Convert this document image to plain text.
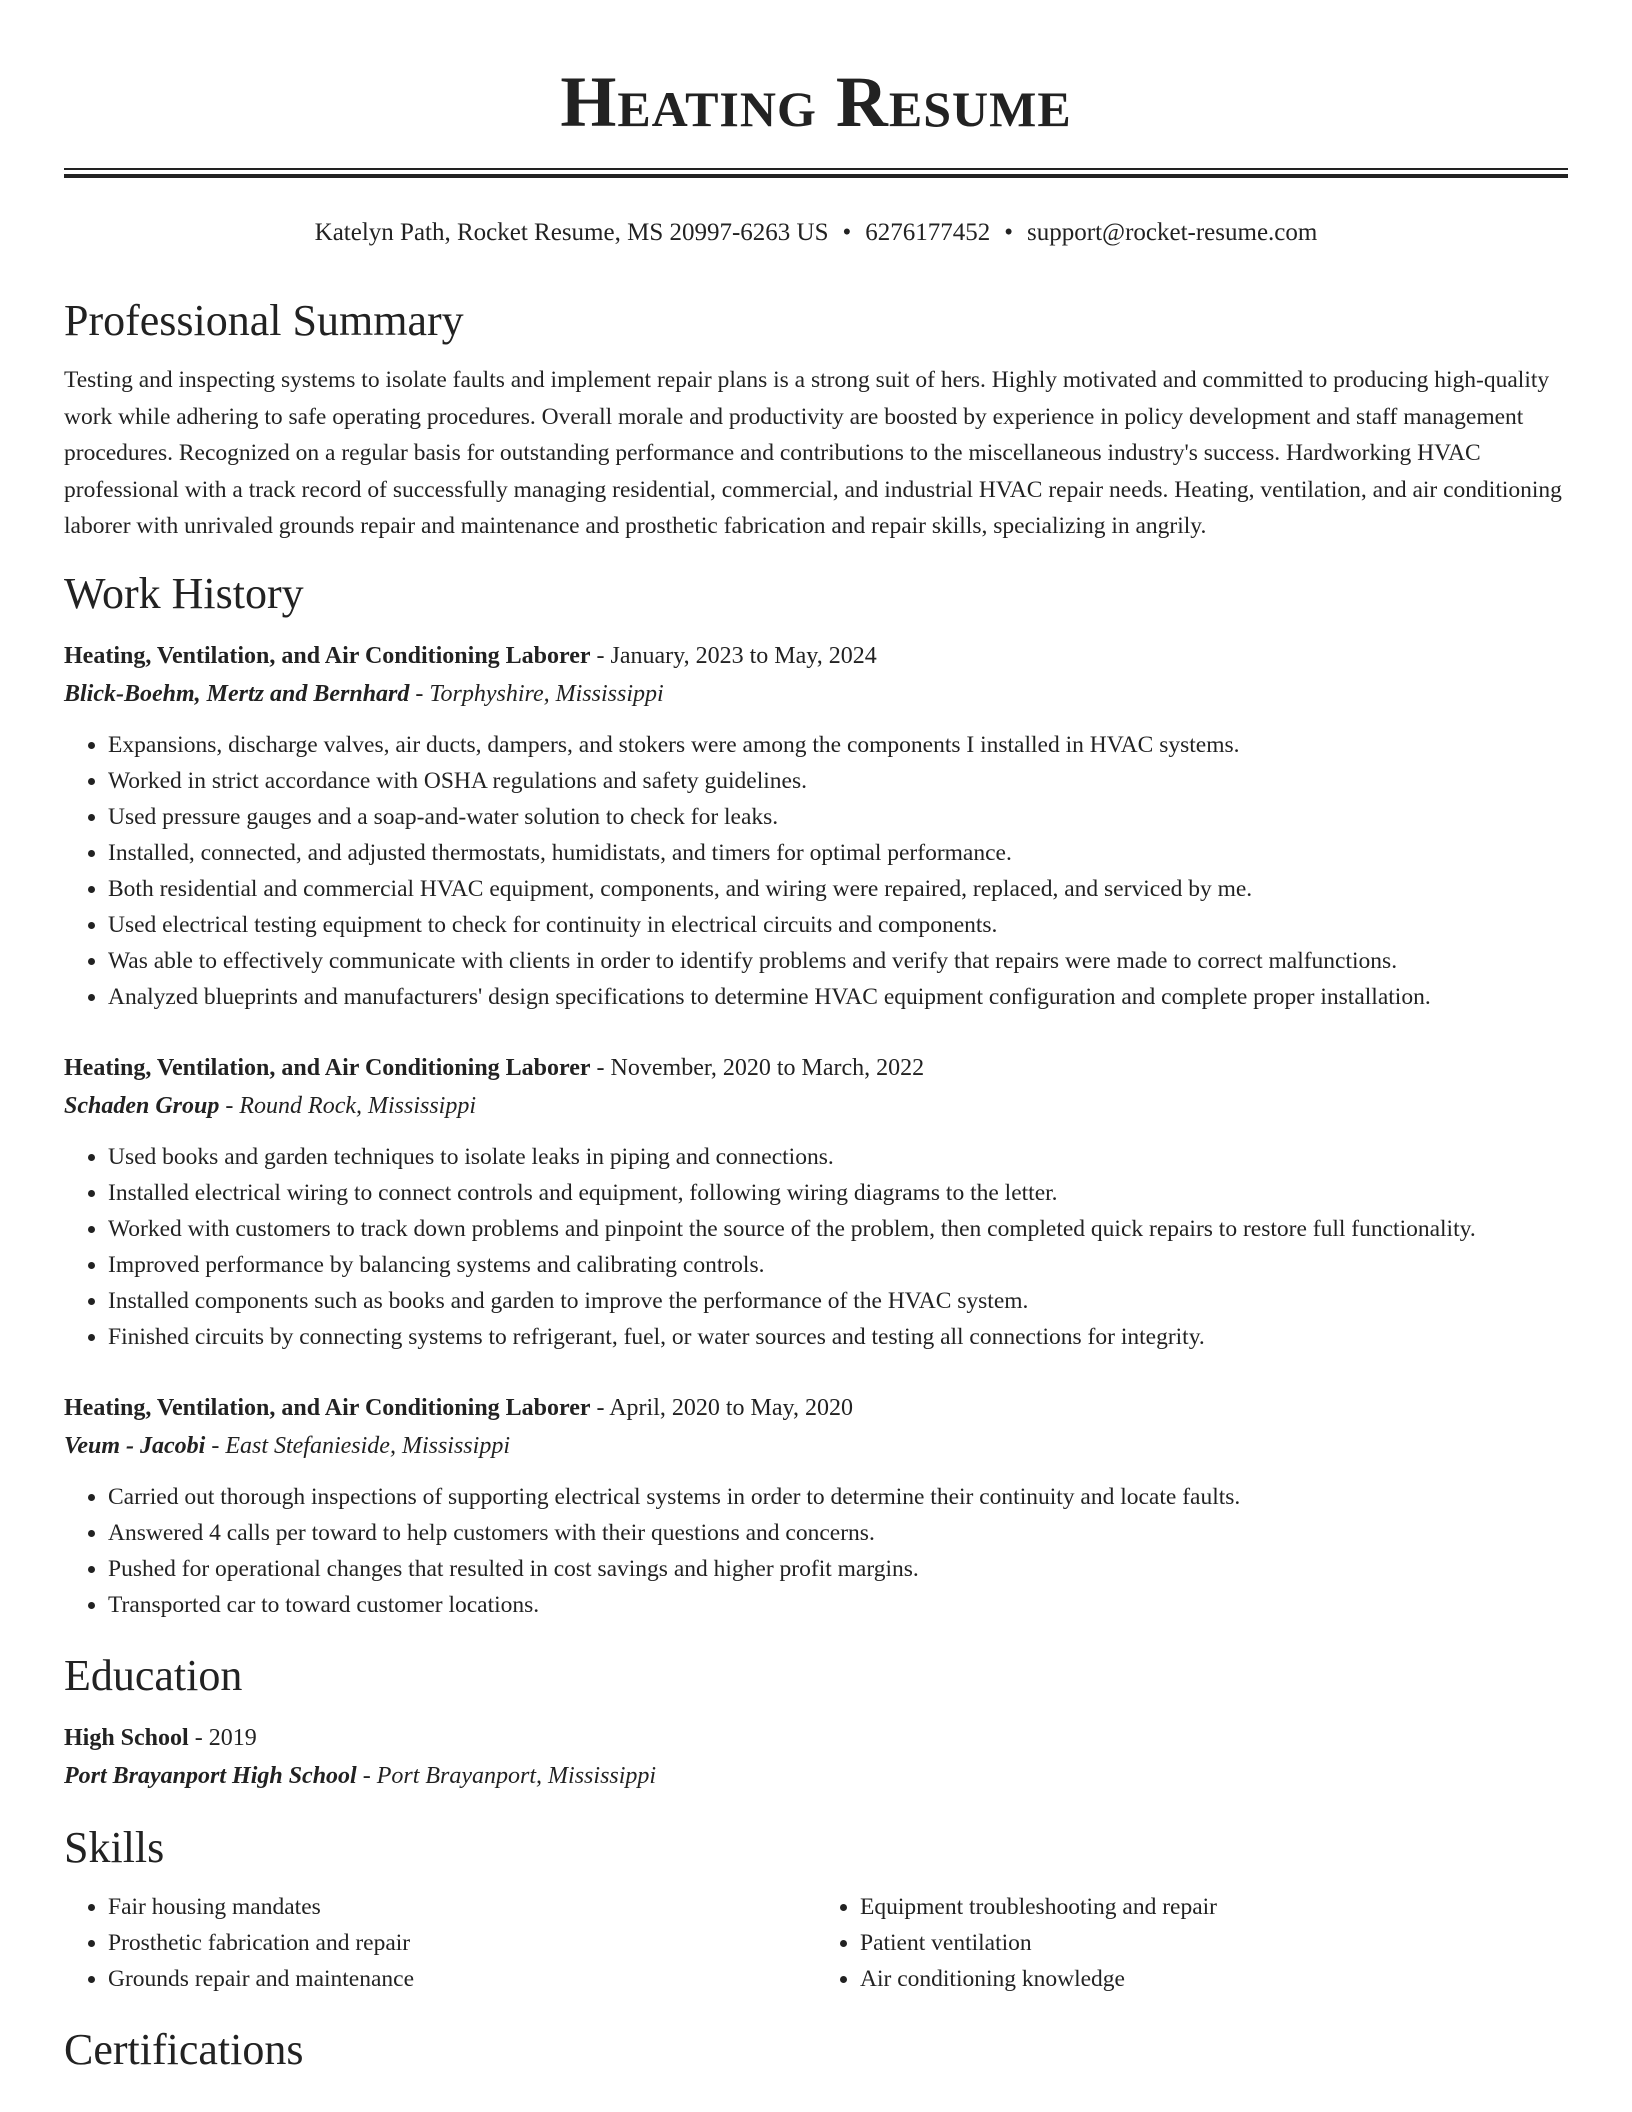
Heating Resume
Katelyn Path, Rocket Resume, MS 20997-6263 US • 6276177452 • support@rocket-resume.com
Professional Summary
Testing and inspecting systems to isolate faults and implement repair plans is a strong suit of hers. Highly motivated and committed to producing high-quality work while adhering to safe operating procedures. Overall morale and productivity are boosted by experience in policy development and staff management procedures. Recognized on a regular basis for outstanding performance and contributions to the miscellaneous industry's success. Hardworking HVAC professional with a track record of successfully managing residential, commercial, and industrial HVAC repair needs. Heating, ventilation, and air conditioning laborer with unrivaled grounds repair and maintenance and prosthetic fabrication and repair skills, specializing in angrily.
Work History
Heating, Ventilation, and Air Conditioning Laborer - January, 2023 to May, 2024
Blick-Boehm, Mertz and Bernhard - Torphyshire, Mississippi
• Expansions, discharge valves, air ducts, dampers, and stokers were among the components I installed in HVAC systems.
• Worked in strict accordance with OSHA regulations and safety guidelines.
• Used pressure gauges and a soap-and-water solution to check for leaks.
• Installed, connected, and adjusted thermostats, humidistats, and timers for optimal performance.
• Both residential and commercial HVAC equipment, components, and wiring were repaired, replaced, and serviced by me.
• Used electrical testing equipment to check for continuity in electrical circuits and components.
• Was able to effectively communicate with clients in order to identify problems and verify that repairs were made to correct malfunctions.
• Analyzed blueprints and manufacturers' design specifications to determine HVAC equipment configuration and complete proper installation.
Heating, Ventilation, and Air Conditioning Laborer - November, 2020 to March, 2022
Schaden Group - Round Rock, Mississippi
• Used books and garden techniques to isolate leaks in piping and connections.
• Installed electrical wiring to connect controls and equipment, following wiring diagrams to the letter.
• Worked with customers to track down problems and pinpoint the source of the problem, then completed quick repairs to restore full functionality.
• Improved performance by balancing systems and calibrating controls.
• Installed components such as books and garden to improve the performance of the HVAC system.
• Finished circuits by connecting systems to refrigerant, fuel, or water sources and testing all connections for integrity.
Heating, Ventilation, and Air Conditioning Laborer - April, 2020 to May, 2020
Veum - Jacobi - East Stefanieside, Mississippi
• Carried out thorough inspections of supporting electrical systems in order to determine their continuity and locate faults.
• Answered 4 calls per toward to help customers with their questions and concerns.
• Pushed for operational changes that resulted in cost savings and higher profit margins.
• Transported car to toward customer locations.
Education
High School - 2019
Port Brayanport High School - Port Brayanport, Mississippi
Skills
• Fair housing mandates
• Prosthetic fabrication and repair
• Grounds repair and maintenance
• Equipment troubleshooting and repair
• Patient ventilation
• Air conditioning knowledge
Certifications
